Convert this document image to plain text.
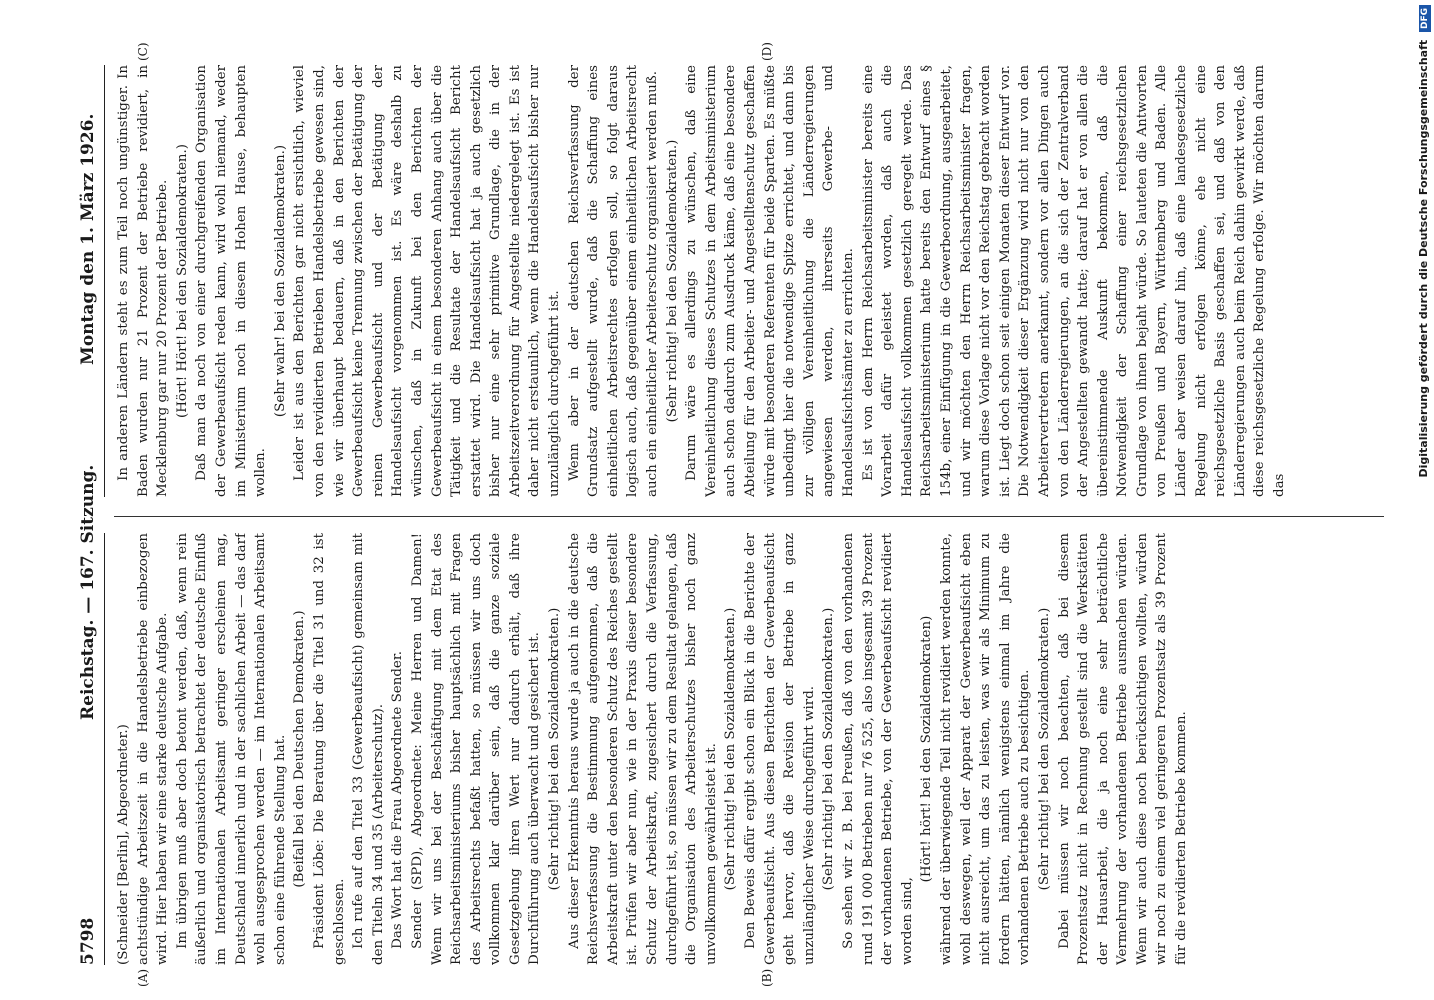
5798
Reichstag. — 167. Sitzung.
Montag den 1. März 1926.
(A)	(B)
(C)	(D)

(Schneider [Berlin], Abgeordneter.) achtstündige Arbeitszeit in die Handelsbetriebe einbezogen wird. Hier haben wir eine starke deutsche Aufgabe. Im übrigen muß aber doch betont werden, daß, wenn rein äußerlich und organisatorisch betrachtet der deutsche Einfluß im Internationalen Arbeitsamt geringer erscheinen mag, Deutschland innerlich und in der sachlichen Arbeit — das darf wohl ausgesprochen werden — im Internationalen Arbeitsamt schon eine führende Stellung hat. (Beifall bei den Deutschen Demokraten.) Präsident Löbe: Die Beratung über die Titel 31 und 32 ist geschlossen. Ich rufe auf den Titel 33 (Gewerbeaufsicht) gemeinsam mit den Titeln 34 und 35 (Arbeiterschutz). Das Wort hat die Frau Abgeordnete Sender. Sender (SPD), Abgeordnete: Meine Herren und Damen! Wenn wir uns bei der Beschäftigung mit dem Etat des Reichsarbeitsministeriums bisher hauptsächlich mit Fragen des Arbeitsrechts befaßt hatten, so müssen wir uns doch vollkommen klar darüber sein, daß die ganze soziale Gesetzgebung ihren Wert nur dadurch erhält, daß ihre Durchführung auch überwacht und gesichert ist. (Sehr richtig! bei den Sozialdemokraten.) Aus dieser Erkenntnis heraus wurde ja auch in die deutsche Reichsverfassung die Bestimmung aufgenommen, daß die Arbeitskraft unter den besonderen Schutz des Reiches gestellt ist. Prüfen wir aber nun, wie in der Praxis dieser besondere Schutz der Arbeitskraft, zugesichert durch die Verfassung, durchgeführt ist, so müssen wir zu dem Resultat gelangen, daß die Organisation des Arbeiterschutzes bisher noch ganz unvollkommen gewährleistet ist. (Sehr richtig! bei den Sozialdemokraten.) Den Beweis dafür ergibt schon ein Blick in die Berichte der Gewerbeaufsicht. Aus diesen Berichten der Gewerbeaufsicht geht hervor, daß die Revision der Betriebe in ganz unzulänglicher Weise durchgeführt wird. (Sehr richtig! bei den Sozialdemokraten.) So sehen wir z. B. bei Preußen, daß von den vorhandenen rund 191 000 Betrieben nur 76 525, also insgesamt 39 Prozent der vorhandenen Betriebe, von der Gewerbeaufsicht revidiert worden sind,

(Hört! hört! bei den Sozialdemokraten) während der überwiegende Teil nicht revidiert werden konnte, wohl deswegen, weil der Apparat der Gewerbeaufsicht eben nicht ausreicht, um das zu leisten, was wir als Minimum zu fordern hätten, nämlich wenigstens einmal im Jahre die vorhandenen Betriebe auch zu besichtigen. (Sehr richtig! bei den Sozialdemokraten.) Dabei müssen wir noch beachten, daß bei diesem Prozentsatz nicht in Rechnung gestellt sind die Werkstätten der Hausarbeit, die ja noch eine sehr beträchtliche Vermehrung der vorhandenen Betriebe ausmachen würden. Wenn wir auch diese noch berücksichtigen wollten, würden wir noch zu einem viel geringeren Prozentsatz als 39 Prozent für die revidierten Betriebe kommen.

In anderen Ländern steht es zum Teil noch ungünstiger. In Baden wurden nur 21 Prozent der Betriebe revidiert, in Mecklenburg gar nur 20 Prozent der Betriebe. (Hört! Hört! bei den Sozialdemokraten.) Daß man da noch von einer durchgreifenden Organisation der Gewerbeaufsicht reden kann, wird wohl niemand, weder im Ministerium noch in diesem Hohen Hause, behaupten wollen.

(Sehr wahr! bei den Sozialdemokraten.) Leider ist aus den Berichten gar nicht ersichtlich, wieviel von den revidierten Betrieben Handelsbetriebe gewesen sind, wie wir überhaupt bedauern, daß in den Berichten der Gewerbeaufsicht keine Trennung zwischen der Betätigung der reinen Gewerbeaufsicht und der Betätigung der Handelsaufsicht vorgenommen ist. Es wäre deshalb zu wünschen, daß in Zukunft bei den Berichten der Gewerbeaufsicht in einem besonderen Anhang auch über die Tätigkeit und die Resultate der Handelsaufsicht Bericht erstattet wird. Die Handelsaufsicht hat ja auch gesetzlich bisher nur eine sehr primitive Grundlage, die in der Arbeitszeitverordnung für Angestellte niedergelegt ist. Es ist daher nicht erstaunlich, wenn die Handelsaufsicht bisher nur unzulänglich durchgeführt ist. Wenn aber in der deutschen Reichsverfassung der Grundsatz aufgestellt wurde, daß die Schaffung eines einheitlichen Arbeitsrechtes erfolgen soll, so folgt daraus logisch auch, daß gegenüber einem einheitlichen Arbeitsrecht auch ein einheitlicher Arbeiterschutz organisiert werden muß. (Sehr richtig! bei den Sozialdemokraten.) Darum wäre es allerdings zu wünschen, daß eine Vereinheitlichung dieses Schutzes in dem Arbeitsministerium auch schon dadurch zum Ausdruck käme, daß eine besondere Abteilung für den Arbeiter- und Angestelltenschutz geschaffen würde mit besonderen Referenten für beide Sparten. Es müßte unbedingt hier die notwendige Spitze errichtet, und dann bis zur völligen Vereinheitlichung die Länderregierungen angewiesen werden, ihrerseits Gewerbe- und Handelsaufsichtsämter zu errichten. Es ist von dem Herrn Reichsarbeitsminister bereits eine Vorarbeit dafür geleistet worden, daß auch die Handelsaufsicht vollkommen gesetzlich geregelt werde. Das Reichsarbeitsministerium hatte bereits den Entwurf eines § 154b, einer Einfügung in die Gewerbeordnung, ausgearbeitet, und wir möchten den Herrn Reichsarbeitsminister fragen, warum diese Vorlage nicht vor den Reichstag gebracht worden ist. Liegt doch schon seit einigen Monaten dieser Entwurf vor. Die Notwendigkeit dieser Ergänzung wird nicht nur von den Arbeitervertretern anerkannt, sondern vor allen Dingen auch von den Länderregierungen, an die sich der Zentralverband der Angestellten gewandt hatte; darauf hat er von allen die übereinstimmende Auskunft bekommen, daß die Notwendigkeit der Schaffung einer reichsgesetzlichen Grundlage von ihnen bejaht würde. So lauteten die Antworten von Preußen und Bayern, Württemberg und Baden. Alle Länder aber weisen darauf hin, daß eine landesgesetzliche Regelung nicht erfolgen könne, ehe nicht eine reichsgesetzliche Basis geschaffen sei, und daß von den Länderregierungen auch beim Reich dahin gewirkt werde, daß diese reichsgesetzliche Regelung erfolge. Wir möchten darum das

Digitalisierung gefördert durch die Deutsche Forschungsgemeinschaft DFG
